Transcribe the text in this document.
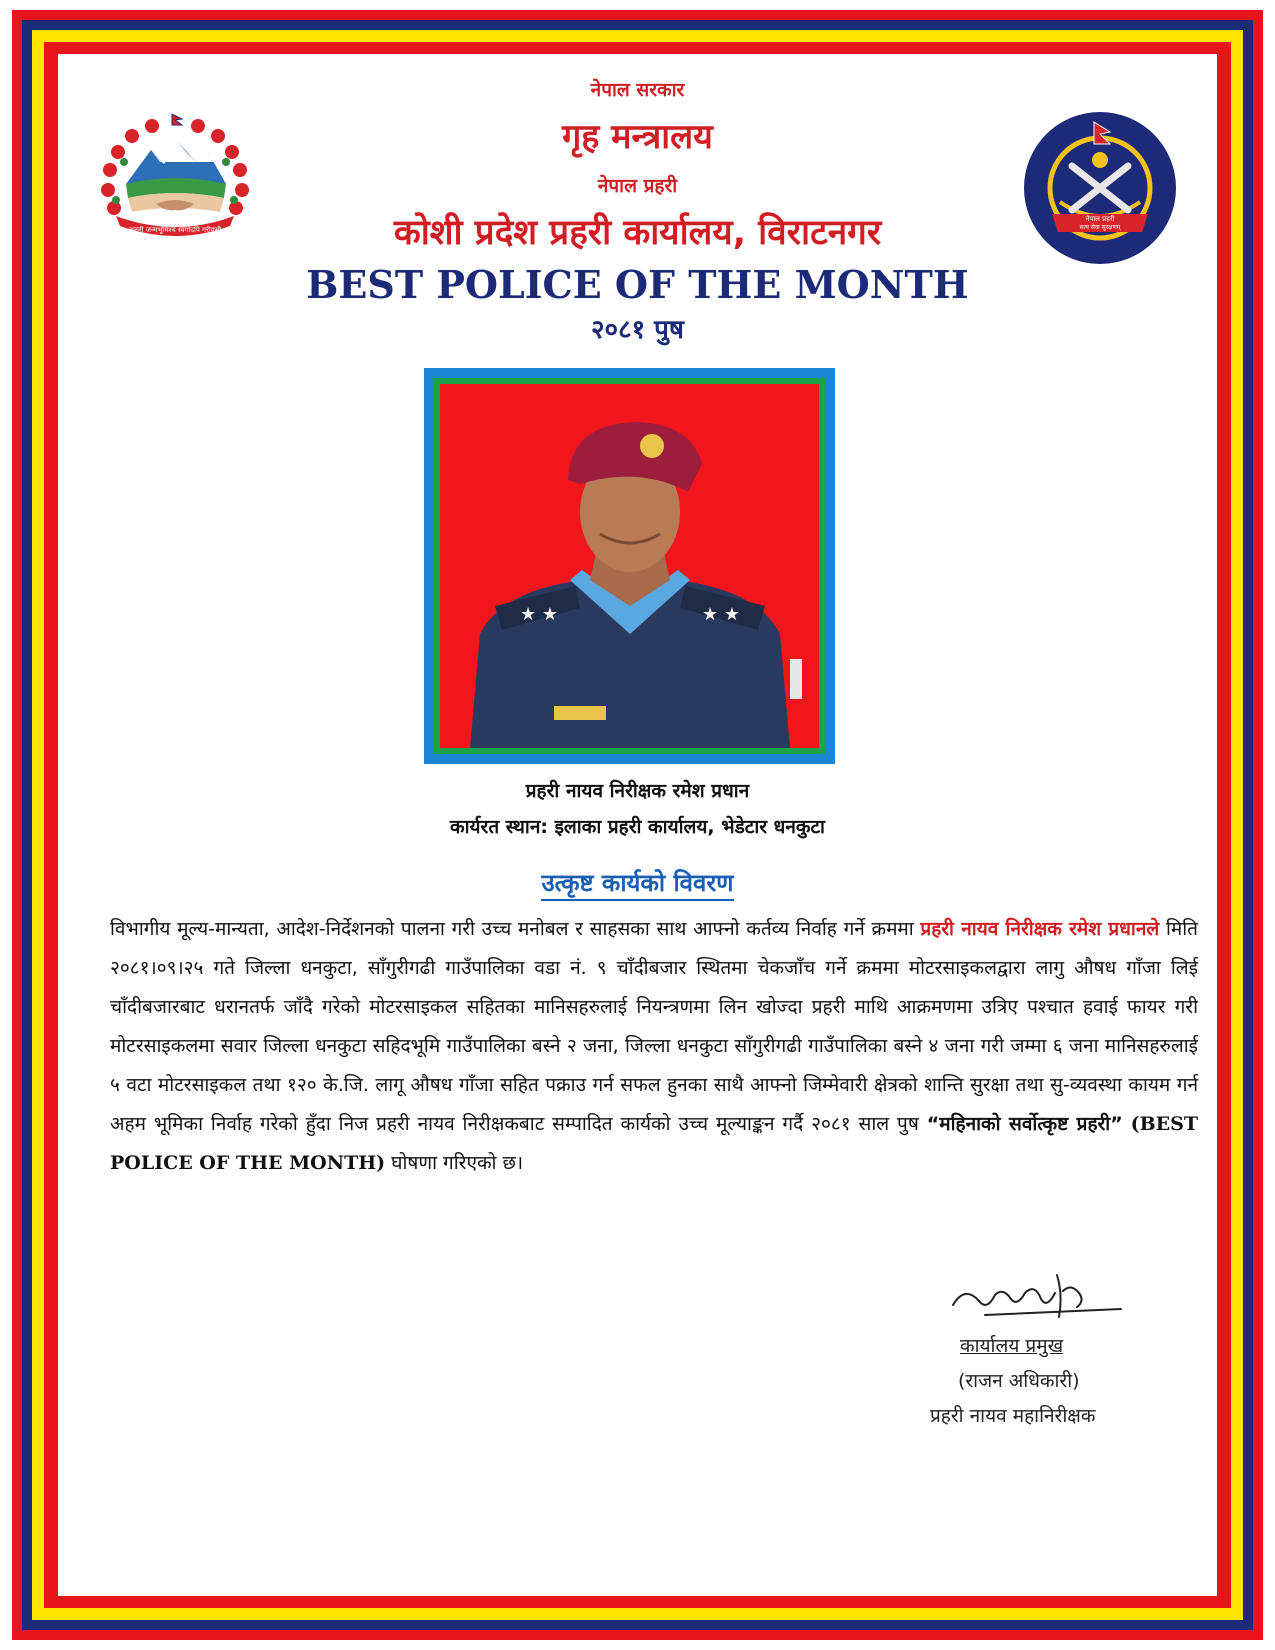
जननी जन्मभूमिश्च स्वर्गादपि गरीयसी
नेपाल प्रहरी
सत्य सेवा सुरक्षणम्
नेपाल सरकार
गृह मन्त्रालय
नेपाल प्रहरी
कोशी प्रदेश प्रहरी कार्यालय, विराटनगर
BEST POLICE OF THE MONTH
२०८१ पुष
★ ★	★ ★
प्रहरी नायव निरीक्षक रमेश प्रधान
कार्यरत स्थान: इलाका प्रहरी कार्यालय, भेडेटार धनकुटा
उत्कृष्ट कार्यको विवरण
विभागीय मूल्य-मान्यता, आदेश-निर्देशनको पालना गरी उच्च मनोबल र साहसका साथ आफ्नो कर्तव्य निर्वाह गर्ने क्रममा प्रहरी नायव निरीक्षक रमेश प्रधानले मिति २०८१।०९।२५ गते जिल्ला धनकुटा, साँगुरीगढी गाउँपालिका वडा नं. ९ चाँदीबजार स्थितमा चेकजाँच गर्ने क्रममा मोटरसाइकलद्वारा लागु औषध गाँजा लिई चाँदीबजारबाट धरानतर्फ जाँदै गरेको मोटरसाइकल सहितका मानिसहरुलाई नियन्त्रणमा लिन खोज्दा प्रहरी माथि आक्रमणमा उत्रिए पश्चात हवाई फायर गरी मोटरसाइकलमा सवार जिल्ला धनकुटा सहिदभूमि गाउँपालिका बस्ने २ जना, जिल्ला धनकुटा साँगुरीगढी गाउँपालिका बस्ने ४ जना गरी जम्मा ६ जना मानिसहरुलाई ५ वटा मोटरसाइकल तथा १२० के.जि. लागू औषध गाँजा सहित पक्राउ गर्न सफल हुनका साथै आफ्नो जिम्मेवारी क्षेत्रको शान्ति सुरक्षा तथा सु-व्यवस्था कायम गर्न अहम भूमिका निर्वाह गरेको हुँदा निज प्रहरी नायव निरीक्षकबाट सम्पादित कार्यको उच्च मूल्याङ्कन गर्दै २०८१ साल पुष “महिनाको सर्वोत्कृष्ट प्रहरी” (BEST POLICE OF THE MONTH) घोषणा गरिएको छ।
कार्यालय प्रमुख
(राजन अधिकारी)
प्रहरी नायव महानिरीक्षक
